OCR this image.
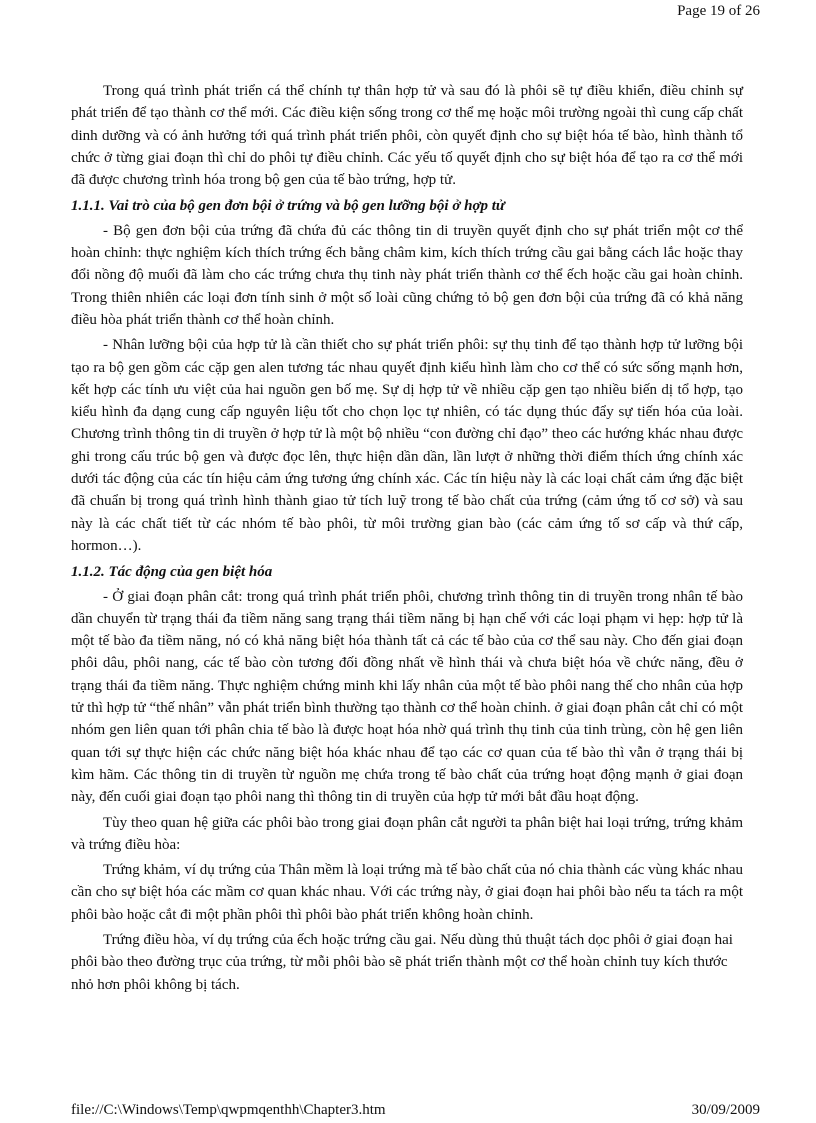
Page 19 of 26

Trong quá trình phát triển cá thể chính tự thân hợp tử và sau đó là phôi sẽ tự điều khiển, điều chỉnh sự phát triển để tạo thành cơ thể mới. Các điều kiện sống trong cơ thể mẹ hoặc môi trường ngoài thì cung cấp chất dinh dưỡng và có ảnh hưởng tới quá trình phát triển phôi, còn quyết định cho sự biệt hóa tế bào, hình thành tổ chức ở từng giai đoạn thì chỉ do phôi tự điều chỉnh. Các yếu tố quyết định cho sự biệt hóa để tạo ra cơ thể mới đã được chương trình hóa trong bộ gen của tế bào trứng, hợp tử.

1.1.1. Vai trò của bộ gen đơn bội ở trứng và bộ gen lưỡng bội ở hợp tử

- Bộ gen đơn bội của trứng đã chứa đủ các thông tin di truyền quyết định cho sự phát triển một cơ thể hoàn chỉnh: thực nghiệm kích thích trứng ếch bằng châm kim, kích thích trứng cầu gai bằng cách lắc hoặc thay đổi nồng độ muối đã làm cho các trứng chưa thụ tinh này phát triển thành cơ thể ếch hoặc cầu gai hoàn chỉnh. Trong thiên nhiên các loại đơn tính sinh ở một số loài cũng chứng tỏ bộ gen đơn bội của trứng đã có khả năng điều hòa phát triển thành cơ thể hoàn chỉnh.

- Nhân lưỡng bội của hợp tử là cần thiết cho sự phát triển phôi: sự thụ tinh để tạo thành hợp tử lưỡng bội tạo ra bộ gen gồm các cặp gen alen tương tác nhau quyết định kiểu hình làm cho cơ thể có sức sống mạnh hơn, kết hợp các tính ưu việt của hai nguồn gen bố mẹ. Sự dị hợp tử về nhiều cặp gen tạo nhiều biến dị tổ hợp, tạo kiểu hình đa dạng cung cấp nguyên liệu tốt cho chọn lọc tự nhiên, có tác dụng thúc đẩy sự tiến hóa của loài. Chương trình thông tin di truyền ở hợp tử là một bộ nhiều “con đường chỉ đạo” theo các hướng khác nhau được ghi trong cấu trúc bộ gen và được đọc lên, thực hiện dần dần, lần lượt ở những thời điểm thích ứng chính xác dưới tác động của các tín hiệu cảm ứng tương ứng chính xác. Các tín hiệu này là các loại chất cảm ứng đặc biệt đã chuẩn bị trong quá trình hình thành giao tử tích luỹ trong tế bào chất của trứng (cảm ứng tố cơ sở) và sau này là các chất tiết từ các nhóm tế bào phôi, từ môi trường gian bào (các cảm ứng tố sơ cấp và thứ cấp, hormon…).

1.1.2. Tác động của gen biệt hóa

- Ở giai đoạn phân cắt: trong quá trình phát triển phôi, chương trình thông tin di truyền trong nhân tế bào dần chuyển từ trạng thái đa tiềm năng sang trạng thái tiềm năng bị hạn chế với các loại phạm vi hẹp: hợp tử là một tế bào đa tiềm năng, nó có khả năng biệt hóa thành tất cả các tế bào của cơ thể sau này. Cho đến giai đoạn phôi dâu, phôi nang, các tế bào còn tương đối đồng nhất về hình thái và chưa biệt hóa về chức năng, đều ở trạng thái đa tiềm năng. Thực nghiệm chứng minh khi lấy nhân của một tế bào phôi nang thế cho nhân của hợp tử thì hợp tử “thế nhân” vẫn phát triển bình thường tạo thành cơ thể hoàn chỉnh. ở giai đoạn phân cắt chỉ có một nhóm gen liên quan tới phân chia tế bào là được hoạt hóa nhờ quá trình thụ tinh của tinh trùng, còn hệ gen liên quan tới sự thực hiện các chức năng biệt hóa khác nhau để tạo các cơ quan của tế bào thì vẫn ở trạng thái bị kìm hãm. Các thông tin di truyền từ nguồn mẹ chứa trong tế bào chất của trứng hoạt động mạnh ở giai đoạn này, đến cuối giai đoạn tạo phôi nang thì thông tin di truyền của hợp tử mới bắt đầu hoạt động.

Tùy theo quan hệ giữa các phôi bào trong giai đoạn phân cắt người ta phân biệt hai loại trứng, trứng khảm và trứng điều hòa:

Trứng khảm, ví dụ trứng của Thân mềm là loại trứng mà tế bào chất của nó chia thành các vùng khác nhau cần cho sự biệt hóa các mầm cơ quan khác nhau. Với các trứng này, ở giai đoạn hai phôi bào nếu ta tách ra một phôi bào hoặc cắt đi một phần phôi thì phôi bào phát triển không hoàn chỉnh.

Trứng điều hòa, ví dụ trứng của ếch hoặc trứng cầu gai. Nếu dùng thủ thuật tách dọc phôi ở giai đoạn hai phôi bào theo đường trục của trứng, từ mỗi phôi bào sẽ phát triển thành một cơ thể hoàn chỉnh tuy kích thước nhỏ hơn phôi không bị tách.

file://C:\Windows\Temp\qwpmqenthh\Chapter3.htm	30/09/2009
